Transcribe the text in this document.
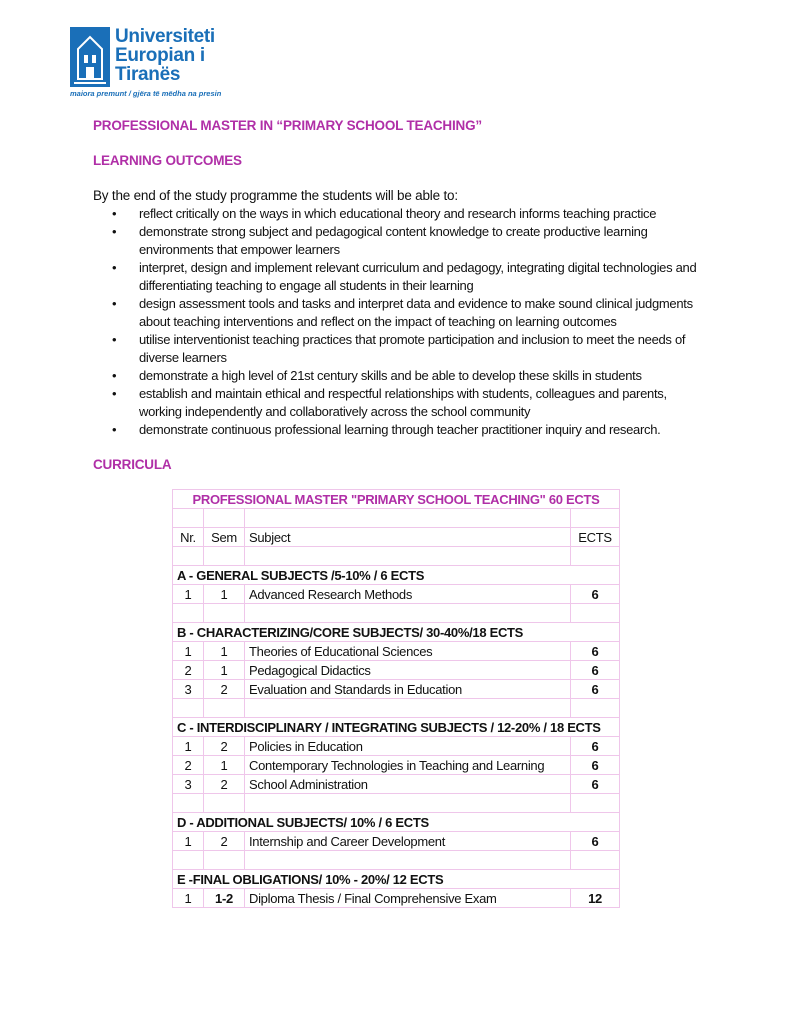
Universiteti
Europian i
Tiranës
maiora premunt / gjëra të mëdha na presin
PROFESSIONAL MASTER IN “PRIMARY SCHOOL TEACHING”
LEARNING OUTCOMES
By the end of the study programme the students will be able to:
• reflect critically on the ways in which educational theory and research informs teaching practice
• demonstrate strong subject and pedagogical content knowledge to create productive learning environments that empower learners
• interpret, design and implement relevant curriculum and pedagogy, integrating digital technologies and differentiating teaching to engage all students in their learning
• design assessment tools and tasks and interpret data and evidence to make sound clinical judgments about teaching interventions and reflect on the impact of teaching on learning outcomes
• utilise interventionist teaching practices that promote participation and inclusion to meet the needs of diverse learners
• demonstrate a high level of 21st century skills and be able to develop these skills in students
• establish and maintain ethical and respectful relationships with students, colleagues and parents, working independently and collaboratively across the school community
• demonstrate continuous professional learning through teacher practitioner inquiry and research.
CURRICULA
PROFESSIONAL MASTER "PRIMARY SCHOOL TEACHING" 60 ECTS			

Nr.	Sem	Subject	ECTS

A - GENERAL SUBJECTS /5-10% / 6 ECTS			
1	1	Advanced Research Methods	6

B - CHARACTERIZING/CORE SUBJECTS/ 30-40%/18 ECTS			
1	1	Theories of Educational Sciences	6
2	1	Pedagogical Didactics	6
3	2	Evaluation and Standards in Education	6

C - INTERDISCIPLINARY / INTEGRATING SUBJECTS / 12-20% / 18 ECTS			
1	2	Policies in Education	6
2	1	Contemporary Technologies in Teaching and Learning	6
3	2	School Administration	6

D - ADDITIONAL SUBJECTS/ 10% / 6 ECTS			
1	2	Internship and Career Development	6

E -FINAL OBLIGATIONS/ 10% - 20%/ 12 ECTS			
1	1-2	Diploma Thesis / Final Comprehensive Exam	12
